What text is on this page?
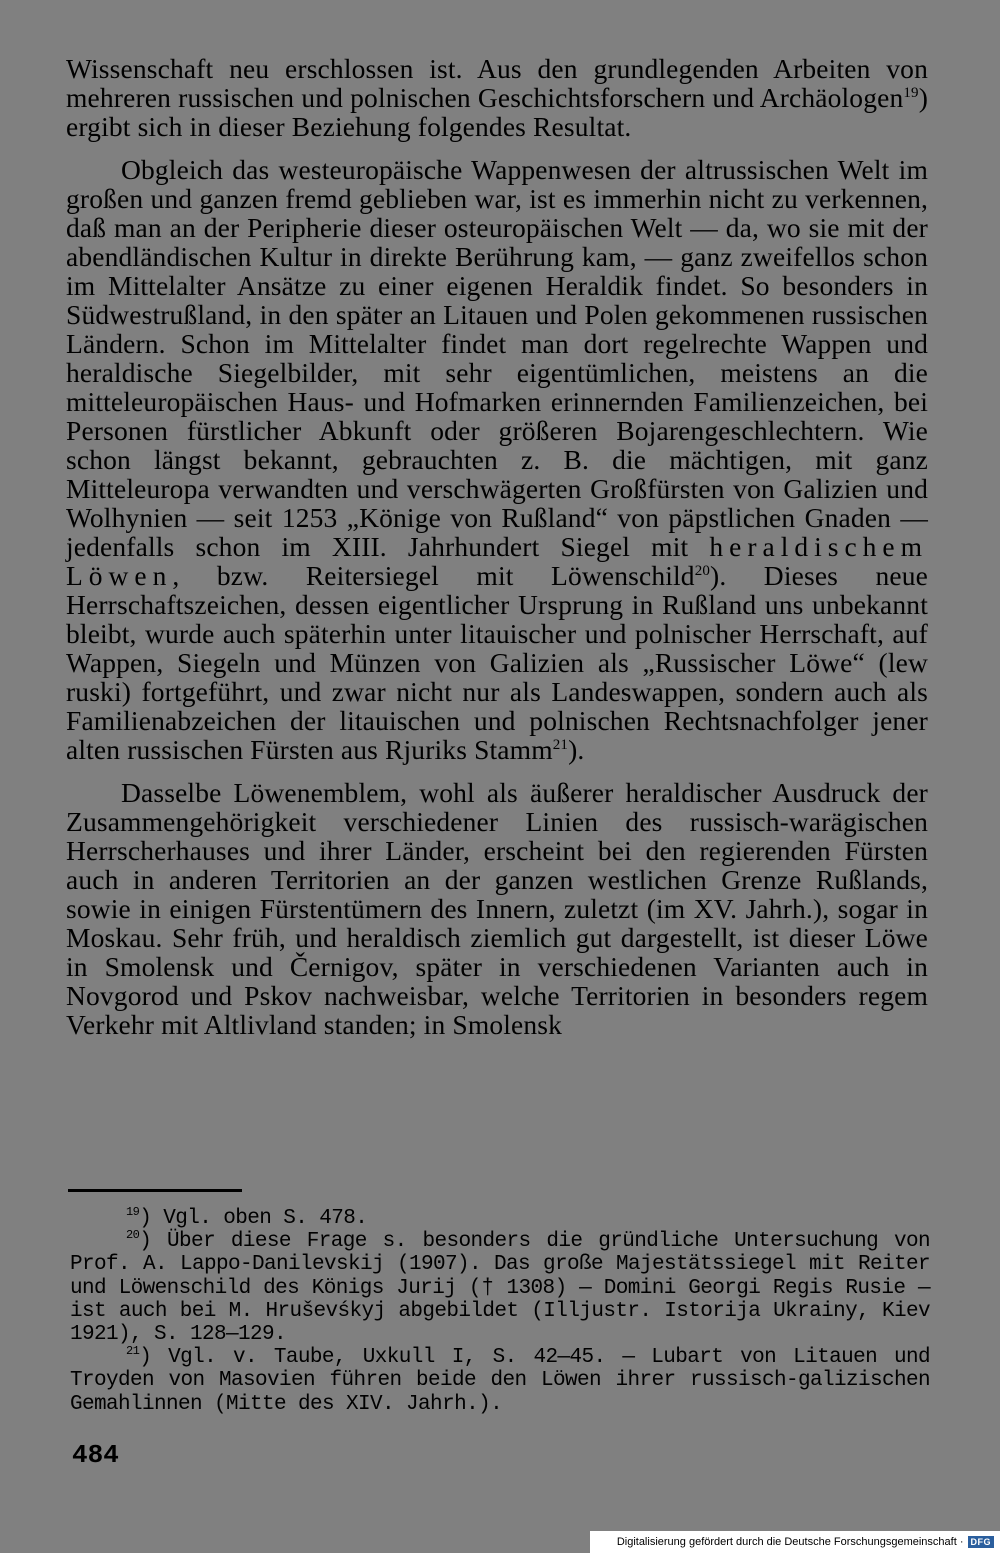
Wissenschaft neu erschlossen ist. Aus den grundlegenden Arbeiten von mehreren russischen und polnischen Geschichtsforschern und Archäologen$^{19}$) ergibt sich in dieser Beziehung folgendes Resultat.

Obgleich das westeuropäische Wappenwesen der altrussischen Welt im großen und ganzen fremd geblieben war, ist es immerhin nicht zu verkennen, daß man an der Peripherie dieser osteuropäischen Welt — da, wo sie mit der abendländischen Kultur in direkte Berührung kam, — ganz zweifellos schon im Mittelalter Ansätze zu einer eigenen Heraldik findet. So besonders in Südwestrußland, in den später an Litauen und Polen gekommenen russischen Ländern. Schon im Mittelalter findet man dort regelrechte Wappen und heraldische Siegelbilder, mit sehr eigentümlichen, meistens an die mitteleuropäischen Haus- und Hofmarken erinnernden Familienzeichen, bei Personen fürstlicher Abkunft oder größeren Bojarengeschlechtern. Wie schon längst bekannt, gebrauchten z. B. die mächtigen, mit ganz Mitteleuropa verwandten und verschwägerten Großfürsten von Galizien und Wolhynien — seit 1253 „Könige von Rußland“ von päpstlichen Gnaden — jedenfalls schon im XIII. Jahrhundert Siegel mit heraldischem Löwen, bzw. Reitersiegel mit Löwenschild$^{20}$). Dieses neue Herrschaftszeichen, dessen eigentlicher Ursprung in Rußland uns unbekannt bleibt, wurde auch späterhin unter litauischer und polnischer Herrschaft, auf Wappen, Siegeln und Münzen von Galizien als „Russischer Löwe“ (lew ruski) fortgeführt, und zwar nicht nur als Landeswappen, sondern auch als Familienabzeichen der litauischen und polnischen Rechtsnachfolger jener alten russischen Fürsten aus Rjuriks Stamm$^{21}$).

Dasselbe Löwenemblem, wohl als äußerer heraldischer Ausdruck der Zusammengehörigkeit verschiedener Linien des russisch-warägischen Herrscherhauses und ihrer Länder, erscheint bei den regierenden Fürsten auch in anderen Territorien an der ganzen westlichen Grenze Rußlands, sowie in einigen Fürstentümern des Innern, zuletzt (im XV. Jahrh.), sogar in Moskau. Sehr früh, und heraldisch ziemlich gut dargestellt, ist dieser Löwe in Smolensk und Černigov, später in verschiedenen Varianten auch in Novgorod und Pskov nachweisbar, welche Territorien in besonders regem Verkehr mit Altlivland standen; in Smolensk

$^{19}$) Vgl. oben S. 478.

$^{20}$) Über diese Frage s. besonders die gründliche Untersuchung von Prof. A. Lappo-Danilevskij (1907). Das große Majestätssiegel mit Reiter und Löwenschild des Königs Jurij († 1308) — Domini Georgi Regis Rusie — ist auch bei M. Hruševśkyj abgebildet (Illjustr. Istorija Ukrainy, Kiev 1921), S. 128—129.

$^{21}$) Vgl. v. Taube, Uxkull I, S. 42—45. — Lubart von Litauen und Troyden von Masovien führen beide den Löwen ihrer russisch-galizischen Gemahlinnen (Mitte des XIV. Jahrh.).

484
Digitalisierung gefördert durch die Deutsche Forschungsgemeinschaft · DFG
